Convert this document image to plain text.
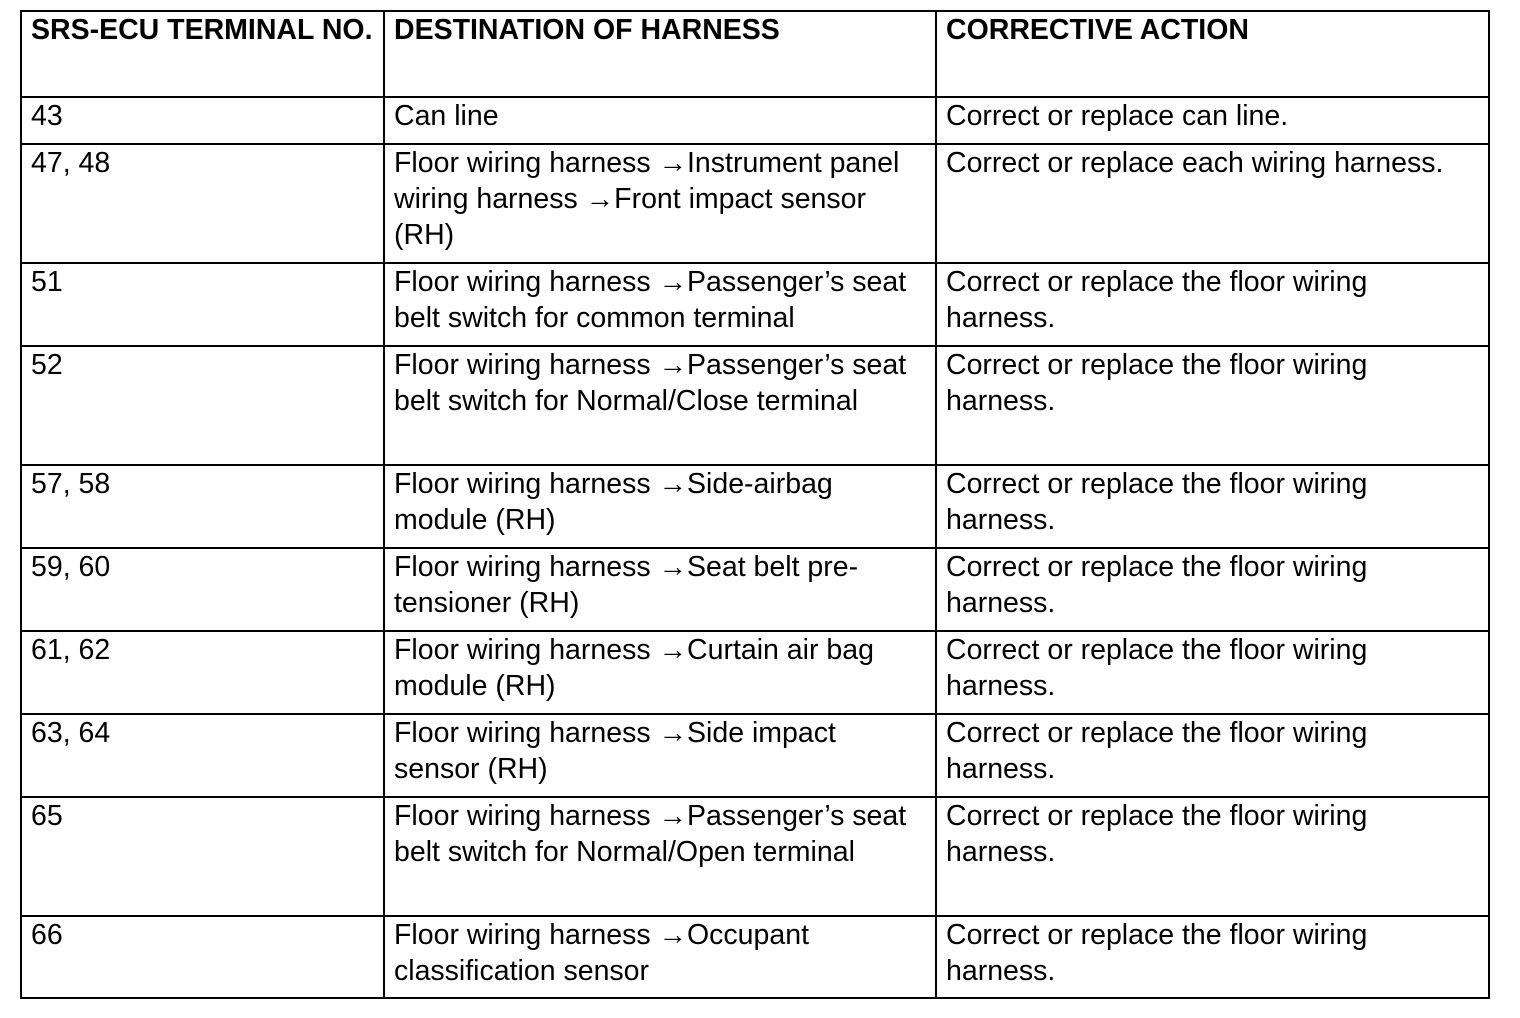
SRS-ECU TERMINAL NO.	DESTINATION OF HARNESS	CORRECTIVE ACTION
43	Can line	Correct or replace can line.
47, 48	Floor wiring harness →Instrument panel wiring harness →Front impact sensor (RH)	Correct or replace each wiring harness.
51	Floor wiring harness →Passenger’s seat belt switch for common terminal	Correct or replace the floor wiring harness.
52	Floor wiring harness →Passenger’s seat belt switch for Normal/Close terminal	Correct or replace the floor wiring harness.
57, 58	Floor wiring harness →Side-airbag module (RH)	Correct or replace the floor wiring harness.
59, 60	Floor wiring harness →Seat belt pre-tensioner (RH)	Correct or replace the floor wiring harness.
61, 62	Floor wiring harness →Curtain air bag module (RH)	Correct or replace the floor wiring harness.
63, 64	Floor wiring harness →Side impact sensor (RH)	Correct or replace the floor wiring harness.
65	Floor wiring harness →Passenger’s seat belt switch for Normal/Open terminal	Correct or replace the floor wiring harness.
66	Floor wiring harness →Occupant classification sensor	Correct or replace the floor wiring harness.
